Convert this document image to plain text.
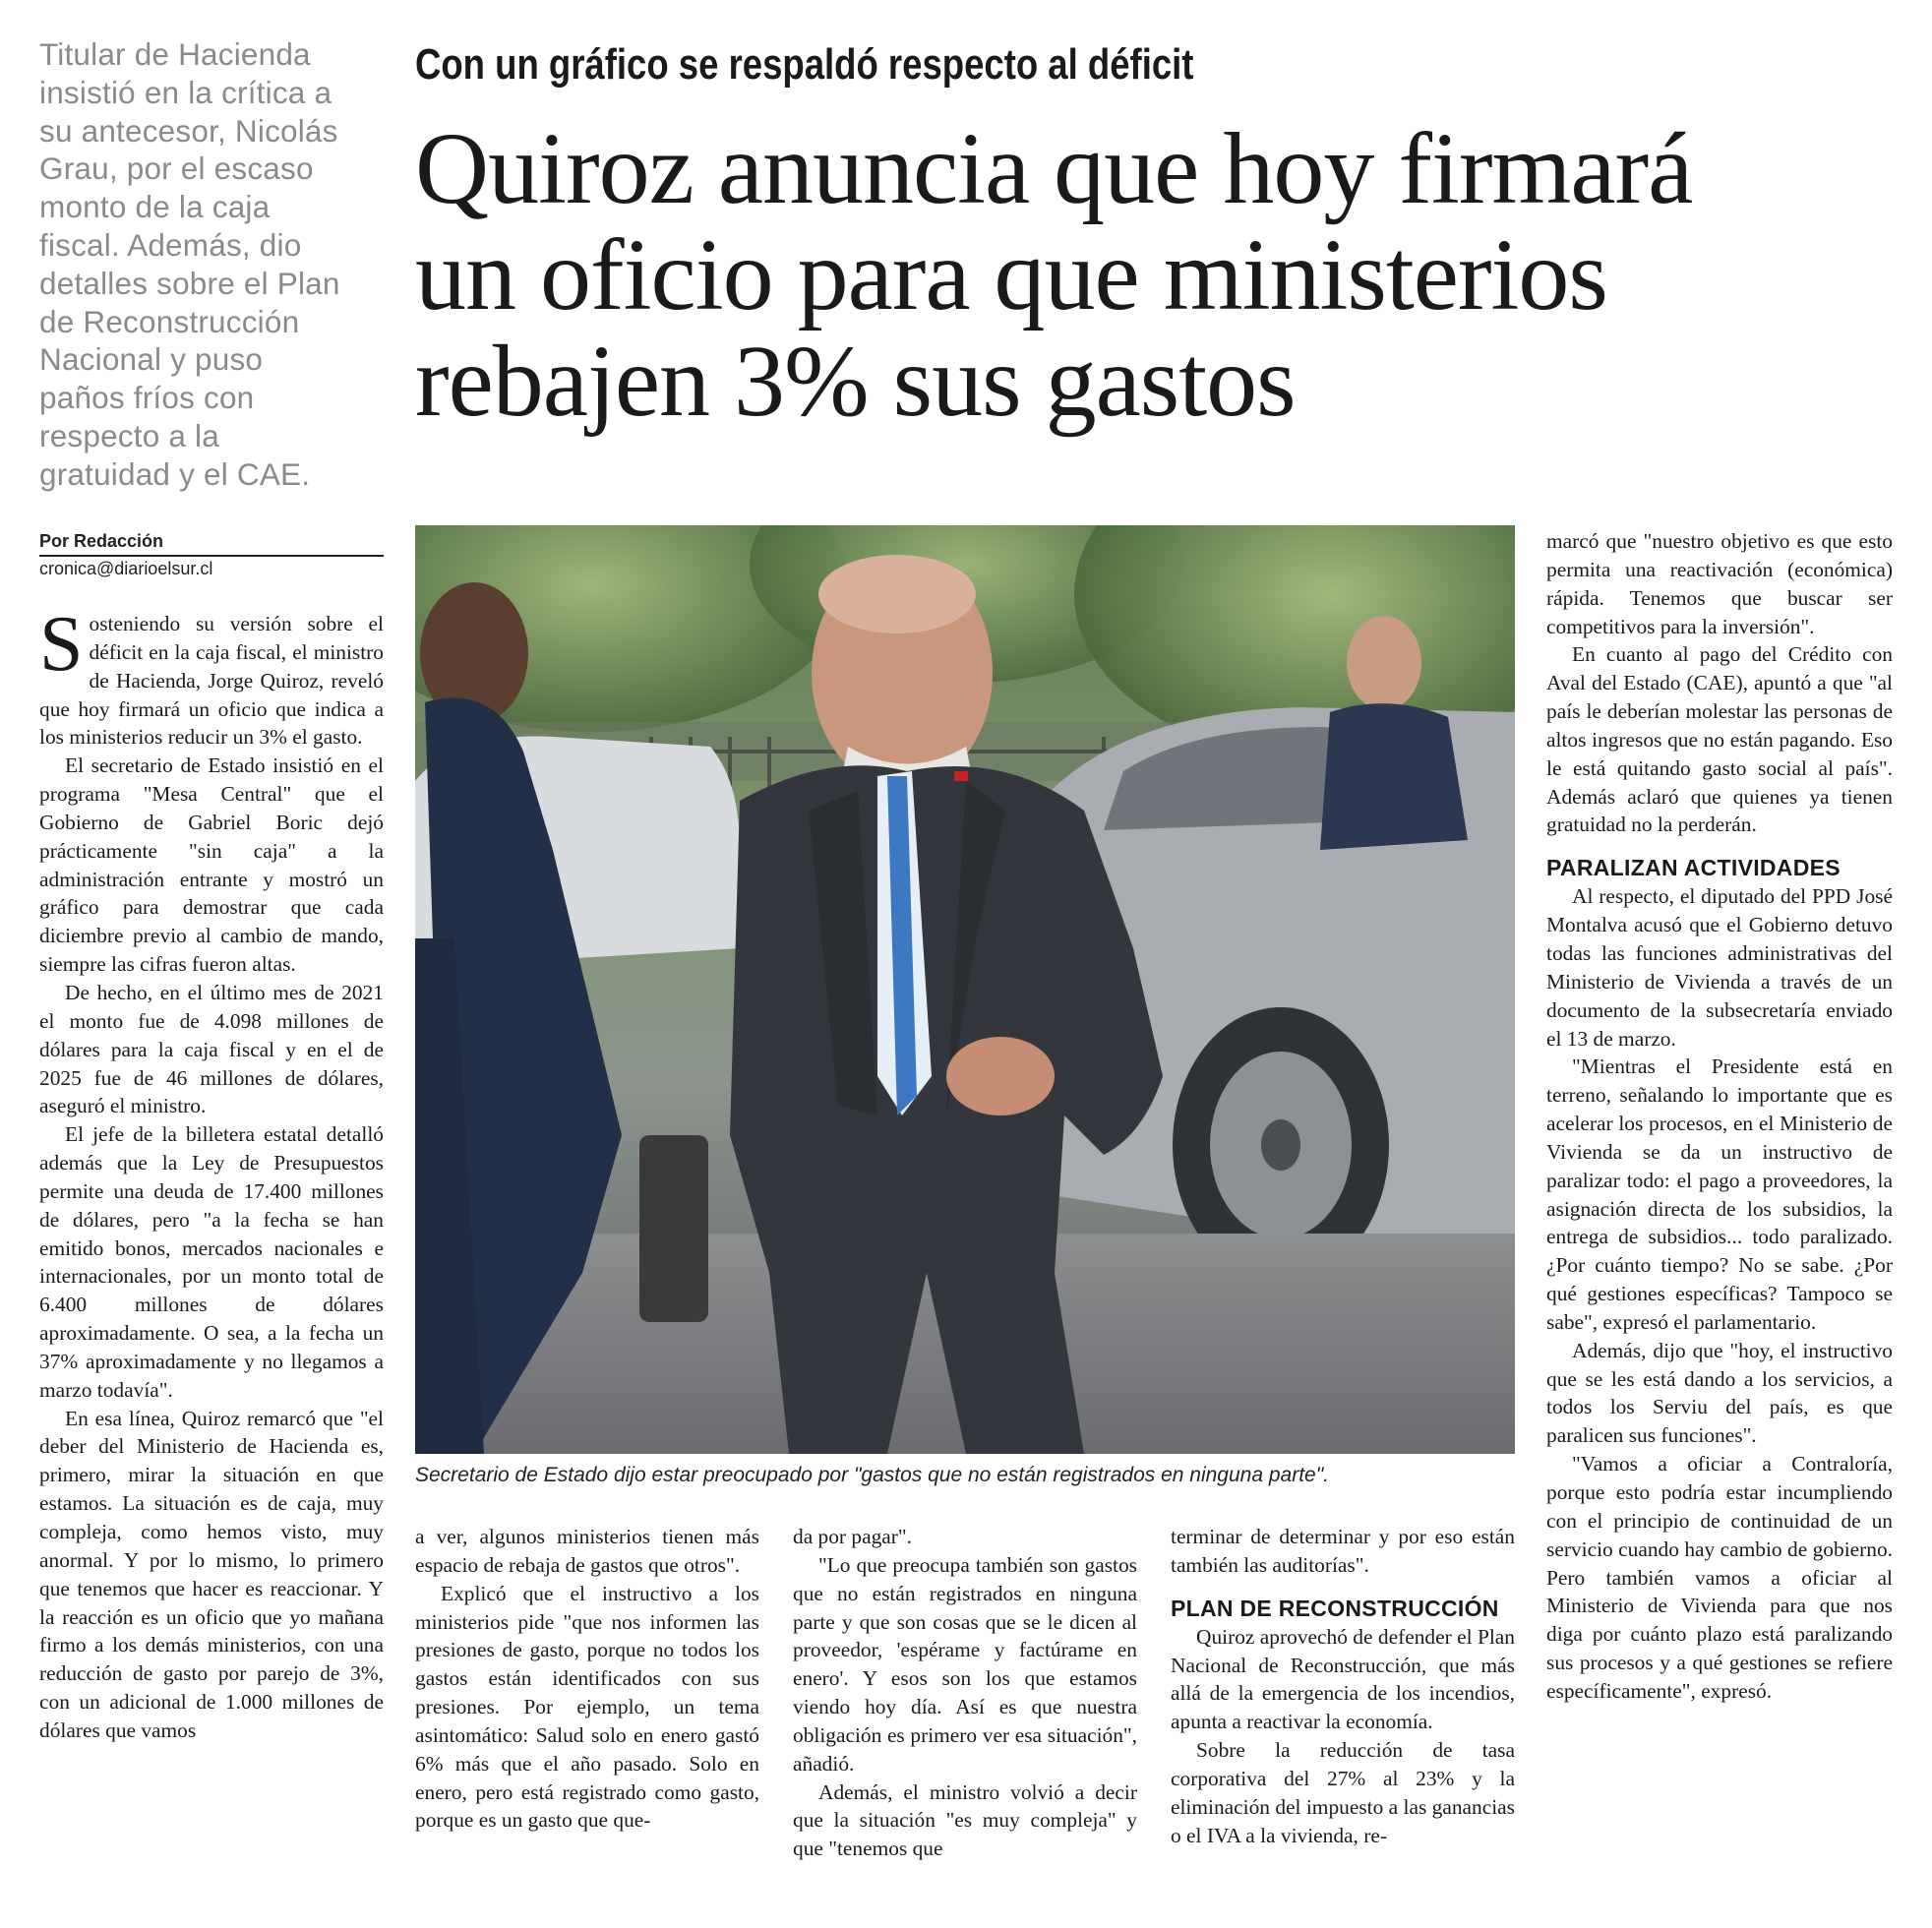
Titular de Hacienda
insistió en la crítica a
su antecesor, Nicolás
Grau, por el escaso
monto de la caja
fiscal. Además, dio
detalles sobre el Plan
de Reconstrucción
Nacional y puso
paños fríos con
respecto a la
gratuidad y el CAE.
Con un gráfico se respaldó respecto al déficit
Quiroz anuncia que hoy firmará
un oficio para que ministerios
rebajen 3% sus gastos
Por Redacción
cronica@diarioelsur.cl
Secretario de Estado dijo estar preocupado por "gastos que no están registrados en ninguna parte".

Sosteniendo su versión sobre el déficit en la caja fiscal, el ministro de Hacienda, Jorge Quiroz, reveló que hoy firmará un oficio que indica a los ministerios reducir un 3% el gasto.

El secretario de Estado insistió en el programa "Mesa Central" que el Gobierno de Gabriel Boric dejó prácticamente "sin caja" a la administración entrante y mostró un gráfico para demostrar que cada diciembre previo al cambio de mando, siempre las cifras fueron altas.

De hecho, en el último mes de 2021 el monto fue de 4.098 millones de dólares para la caja fiscal y en el de 2025 fue de 46 millones de dólares, aseguró el ministro.

El jefe de la billetera estatal detalló además que la Ley de Presupuestos permite una deuda de 17.400 millones de dólares, pero "a la fecha se han emitido bonos, mercados nacionales e internacionales, por un monto total de 6.400 millones de dólares aproximadamente. O sea, a la fecha un 37% aproximadamente y no llegamos a marzo todavía".

En esa línea, Quiroz remarcó que "el deber del Ministerio de Hacienda es, primero, mirar la situación en que estamos. La situación es de caja, muy compleja, como hemos visto, muy anormal. Y por lo mismo, lo primero que tenemos que hacer es reaccionar. Y la reacción es un oficio que yo mañana firmo a los demás ministerios, con una reducción de gasto por parejo de 3%, con un adicional de 1.000 millones de dólares que vamos

a ver, algunos ministerios tienen más espacio de rebaja de gastos que otros".

Explicó que el instructivo a los ministerios pide "que nos informen las presiones de gasto, porque no todos los gastos están identificados con sus presiones. Por ejemplo, un tema asintomático: Salud solo en enero gastó 6% más que el año pasado. Solo en enero, pero está registrado como gasto, porque es un gasto que que-

da por pagar".

"Lo que preocupa también son gastos que no están registrados en ninguna parte y que son cosas que se le dicen al proveedor, 'espérame y factúrame en enero'. Y esos son los que estamos viendo hoy día. Así es que nuestra obligación es primero ver esa situación", añadió.

Además, el ministro volvió a decir que la situación "es muy compleja" y que "tenemos que

terminar de determinar y por eso están también las auditorías".

PLAN DE RECONSTRUCCIÓN

Quiroz aprovechó de defender el Plan Nacional de Reconstrucción, que más allá de la emergencia de los incendios, apunta a reactivar la economía.

Sobre la reducción de tasa corporativa del 27% al 23% y la eliminación del impuesto a las ganancias o el IVA a la vivienda, re-

marcó que "nuestro objetivo es que esto permita una reactivación (económica) rápida. Tenemos que buscar ser competitivos para la inversión".

En cuanto al pago del Crédito con Aval del Estado (CAE), apuntó a que "al país le deberían molestar las personas de altos ingresos que no están pagando. Eso le está quitando gasto social al país". Además aclaró que quienes ya tienen gratuidad no la perderán.

PARALIZAN ACTIVIDADES

Al respecto, el diputado del PPD José Montalva acusó que el Gobierno detuvo todas las funciones administrativas del Ministerio de Vivienda a través de un documento de la subsecretaría enviado el 13 de marzo.

"Mientras el Presidente está en terreno, señalando lo importante que es acelerar los procesos, en el Ministerio de Vivienda se da un instructivo de paralizar todo: el pago a proveedores, la asignación directa de los subsidios, la entrega de subsidios... todo paralizado. ¿Por cuánto tiempo? No se sabe. ¿Por qué gestiones específicas? Tampoco se sabe", expresó el parlamentario.

Además, dijo que "hoy, el instructivo que se les está dando a los servicios, a todos los Serviu del país, es que paralicen sus funciones".

"Vamos a oficiar a Contraloría, porque esto podría estar incumpliendo con el principio de continuidad de un servicio cuando hay cambio de gobierno. Pero también vamos a oficiar al Ministerio de Vivienda para que nos diga por cuánto plazo está paralizando sus procesos y a qué gestiones se refiere específicamente", expresó.
